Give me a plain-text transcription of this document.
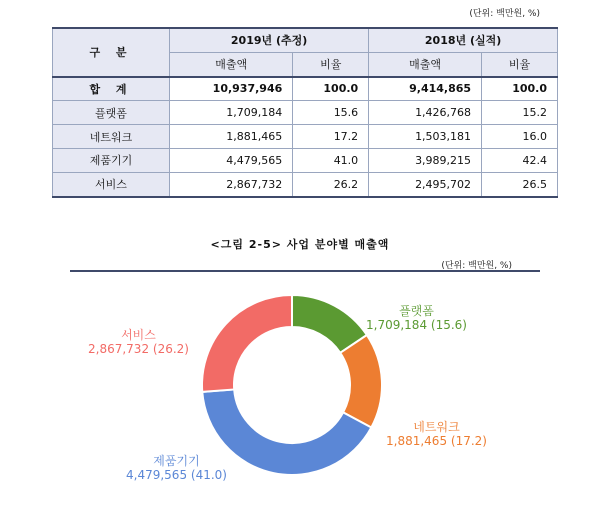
(단위: 백만원, %)
구 분	2019년 (추정)		2018년 (실적)	
	매출액	비율	매출액	비율
합 계	10,937,946	100.0	9,414,865	100.0
플랫폼	1,709,184	15.6	1,426,768	15.2
네트워크	1,881,465	17.2	1,503,181	16.0
제품기기	4,479,565	41.0	3,989,215	42.4
서비스	2,867,732	26.2	2,495,702	26.5
<그림 2-5> 사업 분야별 매출액
(단위: 백만원, %)
플랫폼
1,709,184 (15.6)
네트워크
1,881,465 (17.2)
제품기기
4,479,565 (41.0)
서비스
2,867,732 (26.2)
